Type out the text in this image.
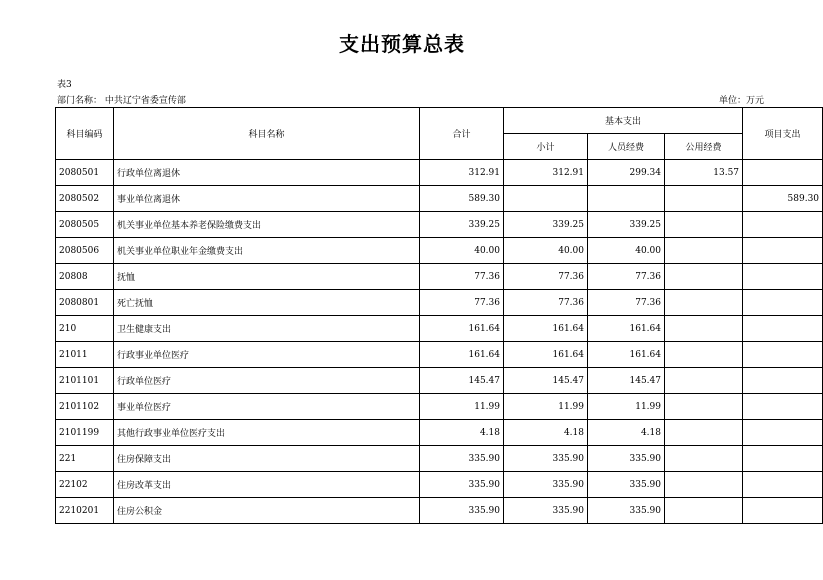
支出预算总表
表3
部门名称： 中共辽宁省委宣传部	单位：万元
科目编码	科目名称	合计	基本支出			项目支出
			小计	人员经费	公用经费	
2080501	行政单位离退休	312.91	312.91	299.34	13.57	
2080502	事业单位离退休	589.30				589.30
2080505	机关事业单位基本养老保险缴费支出	339.25	339.25	339.25		
2080506	机关事业单位职业年金缴费支出	40.00	40.00	40.00		
20808	抚恤	77.36	77.36	77.36		
2080801	死亡抚恤	77.36	77.36	77.36		
210	卫生健康支出	161.64	161.64	161.64		
21011	行政事业单位医疗	161.64	161.64	161.64		
2101101	行政单位医疗	145.47	145.47	145.47		
2101102	事业单位医疗	11.99	11.99	11.99		
2101199	其他行政事业单位医疗支出	4.18	4.18	4.18		
221	住房保障支出	335.90	335.90	335.90		
22102	住房改革支出	335.90	335.90	335.90		
2210201	住房公积金	335.90	335.90	335.90		
